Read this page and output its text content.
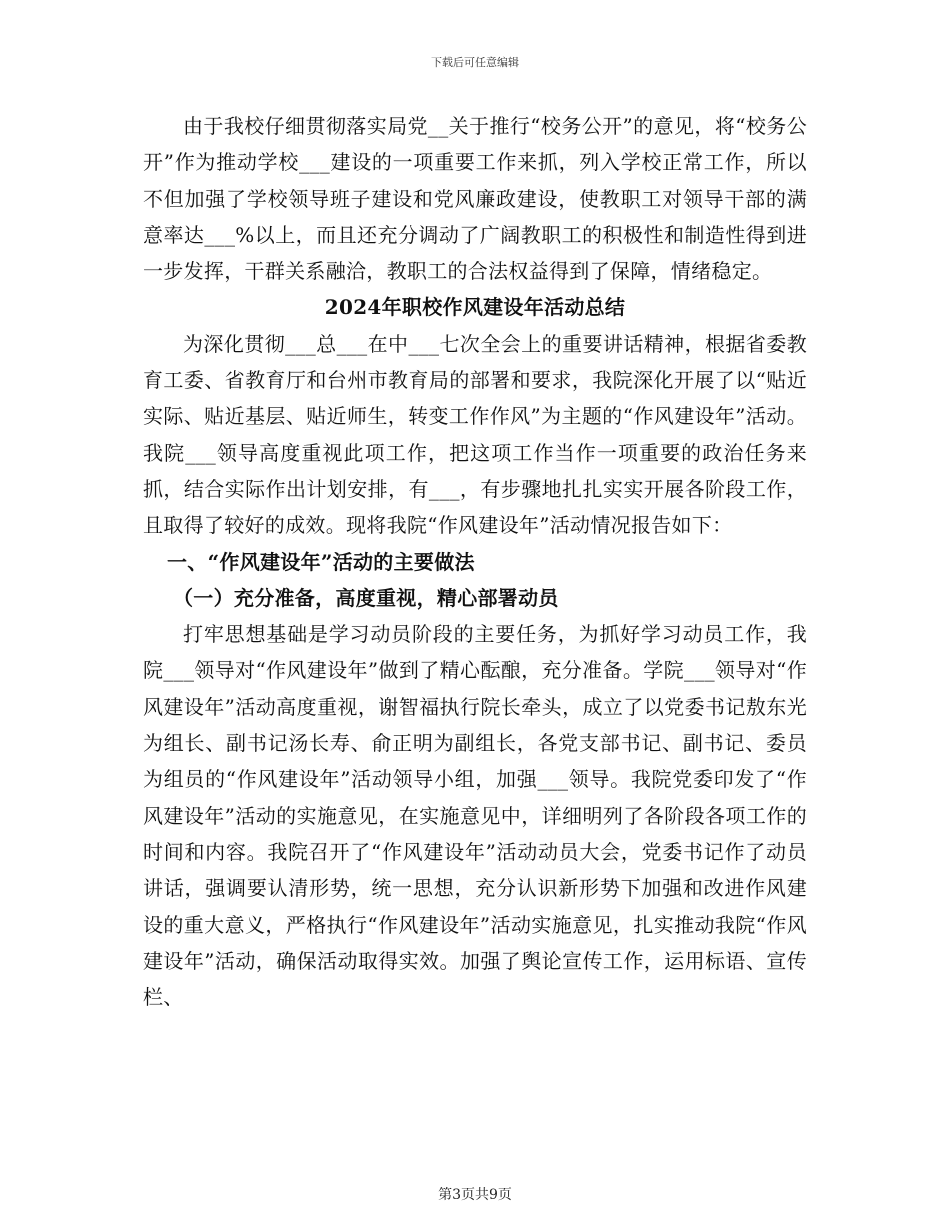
下载后可任意编辑

由于我校仔细贯彻落实局党__关于推行“校务公开”的意见，将“校务公开”作为推动学校___建设的一项重要工作来抓，列入学校正常工作，所以不但加强了学校领导班子建设和党风廉政建设，使教职工对领导干部的满意率达___%以上，而且还充分调动了广阔教职工的积极性和制造性得到进一步发挥，干群关系融洽，教职工的合法权益得到了保障，情绪稳定。

2024年职校作风建设年活动总结

为深化贯彻___总___在中___七次全会上的重要讲话精神，根据省委教育工委、省教育厅和台州市教育局的部署和要求，我院深化开展了以“贴近实际、贴近基层、贴近师生，转变工作作风”为主题的“作风建设年”活动。我院___领导高度重视此项工作，把这项工作当作一项重要的政治任务来抓，结合实际作出计划安排，有___，有步骤地扎扎实实开展各阶段工作，且取得了较好的成效。现将我院“作风建设年”活动情况报告如下：

一、“作风建设年”活动的主要做法

（一）充分准备，高度重视，精心部署动员

打牢思想基础是学习动员阶段的主要任务，为抓好学习动员工作，我院___领导对“作风建设年”做到了精心酝酿，充分准备。学院___领导对“作风建设年”活动高度重视，谢智福执行院长牵头，成立了以党委书记敖东光为组长、副书记汤长寿、俞正明为副组长，各党支部书记、副书记、委员为组员的“作风建设年”活动领导小组，加强___领导。我院党委印发了“作风建设年”活动的实施意见，在实施意见中，详细明列了各阶段各项工作的时间和内容。我院召开了“作风建设年”活动动员大会，党委书记作了动员讲话，强调要认清形势，统一思想，充分认识新形势下加强和改进作风建设的重大意义，严格执行“作风建设年”活动实施意见，扎实推动我院“作风建设年”活动，确保活动取得实效。加强了舆论宣传工作，运用标语、宣传栏、

第3页共9页
